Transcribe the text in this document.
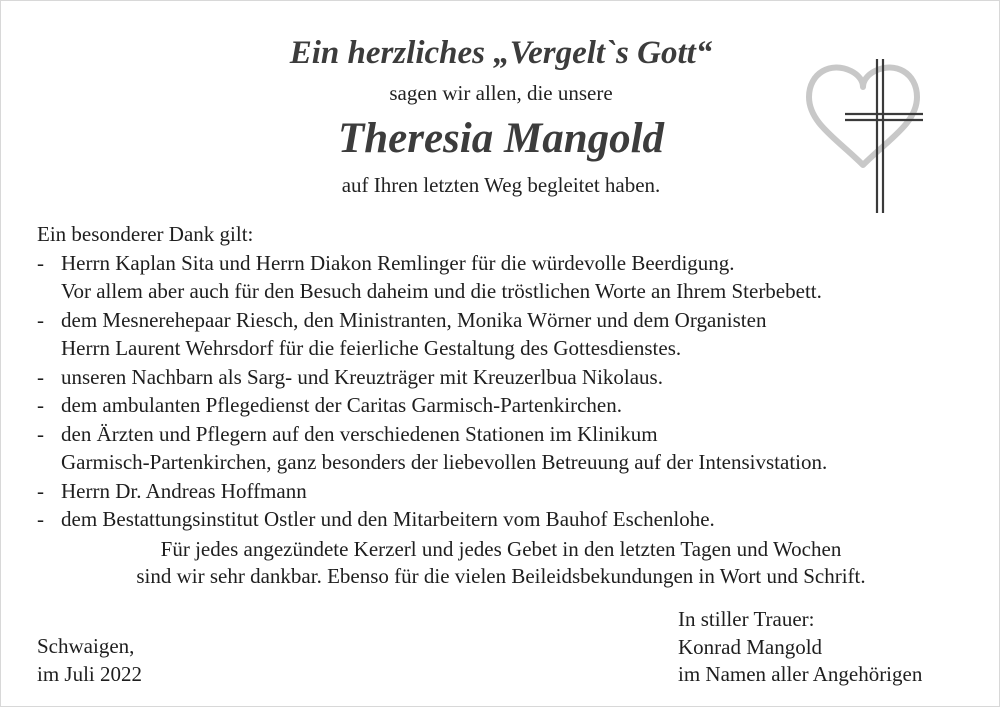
Ein herzliches „Vergelt`s Gott“
sagen wir allen, die unsere
Theresia Mangold
auf Ihren letzten Weg begleitet haben.

Ein besonderer Dank gilt:

- Herrn Kaplan Sita und Herrn Diakon Remlinger für die würdevolle Beerdigung.
Vor allem aber auch für den Besuch daheim und die tröstlichen Worte an Ihrem Sterbebett.
- dem Mesnerehepaar Riesch, den Ministranten, Monika Wörner und dem Organisten
Herrn Laurent Wehrsdorf für die feierliche Gestaltung des Gottesdienstes.
- unseren Nachbarn als Sarg- und Kreuzträger mit Kreuzerlbua Nikolaus.
- dem ambulanten Pflegedienst der Caritas Garmisch-Partenkirchen.
- den Ärzten und Pflegern auf den verschiedenen Stationen im Klinikum
Garmisch-Partenkirchen, ganz besonders der liebevollen Betreuung auf der Intensivstation.
- Herrn Dr. Andreas Hoffmann
- dem Bestattungsinstitut Ostler und den Mitarbeitern vom Bauhof Eschenlohe.
Für jedes angezündete Kerzerl und jedes Gebet in den letzten Tagen und Wochen
sind wir sehr dankbar. Ebenso für die vielen Beileidsbekundungen in Wort und Schrift.
Schwaigen,
im Juli 2022
In stiller Trauer:
Konrad Mangold
im Namen aller Angehörigen
